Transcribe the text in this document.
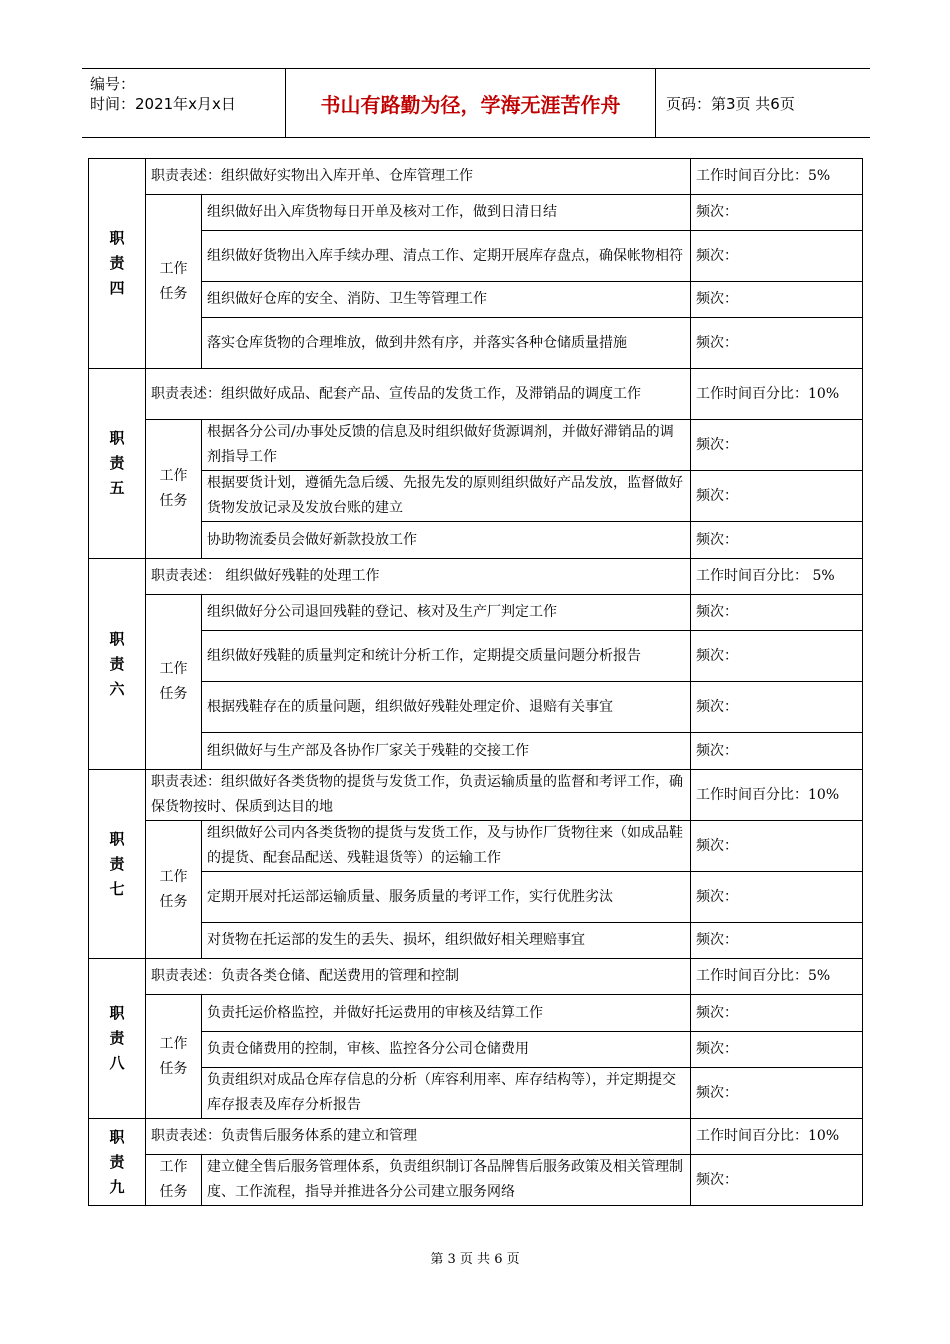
编号：
时间：2021年x月x日	书山有路勤为径，学海无涯苦作舟	页码：第3页 共6页
职责四	职责表述：组织做好实物出入库开单、仓库管理工作		工作时间百分比：5%
	工作任务	组织做好出入库货物每日开单及核对工作，做到日清日结	频次：
		组织做好货物出入库手续办理、清点工作、定期开展库存盘点，确保帐物相符	频次：
		组织做好仓库的安全、消防、卫生等管理工作	频次：
		落实仓库货物的合理堆放，做到井然有序，并落实各种仓储质量措施	频次：
职责五	职责表述：组织做好成品、配套产品、宣传品的发货工作，及滞销品的调度工作		工作时间百分比：10%
	工作任务	根据各分公司/办事处反馈的信息及时组织做好货源调剂，并做好滞销品的调剂指导工作	频次：
		根据要货计划，遵循先急后缓、先报先发的原则组织做好产品发放，监督做好货物发放记录及发放台账的建立	频次：
		协助物流委员会做好新款投放工作	频次：
职责六	职责表述： 组织做好残鞋的处理工作		工作时间百分比： 5%
	工作任务	组织做好分公司退回残鞋的登记、核对及生产厂判定工作	频次：
		组织做好残鞋的质量判定和统计分析工作，定期提交质量问题分析报告	频次：
		根据残鞋存在的质量问题，组织做好残鞋处理定价、退赔有关事宜	频次：
		组织做好与生产部及各协作厂家关于残鞋的交接工作	频次：
职责七	职责表述：组织做好各类货物的提货与发货工作，负责运输质量的监督和考评工作，确保货物按时、保质到达目的地		工作时间百分比：10%
	工作任务	组织做好公司内各类货物的提货与发货工作，及与协作厂货物往来（如成品鞋的提货、配套品配送、残鞋退货等）的运输工作	频次：
		定期开展对托运部运输质量、服务质量的考评工作，实行优胜劣汰	频次：
		对货物在托运部的发生的丢失、损坏，组织做好相关理赔事宜	频次：
职责八	职责表述：负责各类仓储、配送费用的管理和控制		工作时间百分比：5%
	工作任务	负责托运价格监控，并做好托运费用的审核及结算工作	频次：
		负责仓储费用的控制，审核、监控各分公司仓储费用	频次：
		负责组织对成品仓库存信息的分析（库容利用率、库存结构等），并定期提交库存报表及库存分析报告	频次：
职责九	职责表述：负责售后服务体系的建立和管理		工作时间百分比：10%
	工作任务	建立健全售后服务管理体系，负责组织制订各品牌售后服务政策及相关管理制度、工作流程，指导并推进各分公司建立服务网络	频次：
第 3 页 共 6 页
